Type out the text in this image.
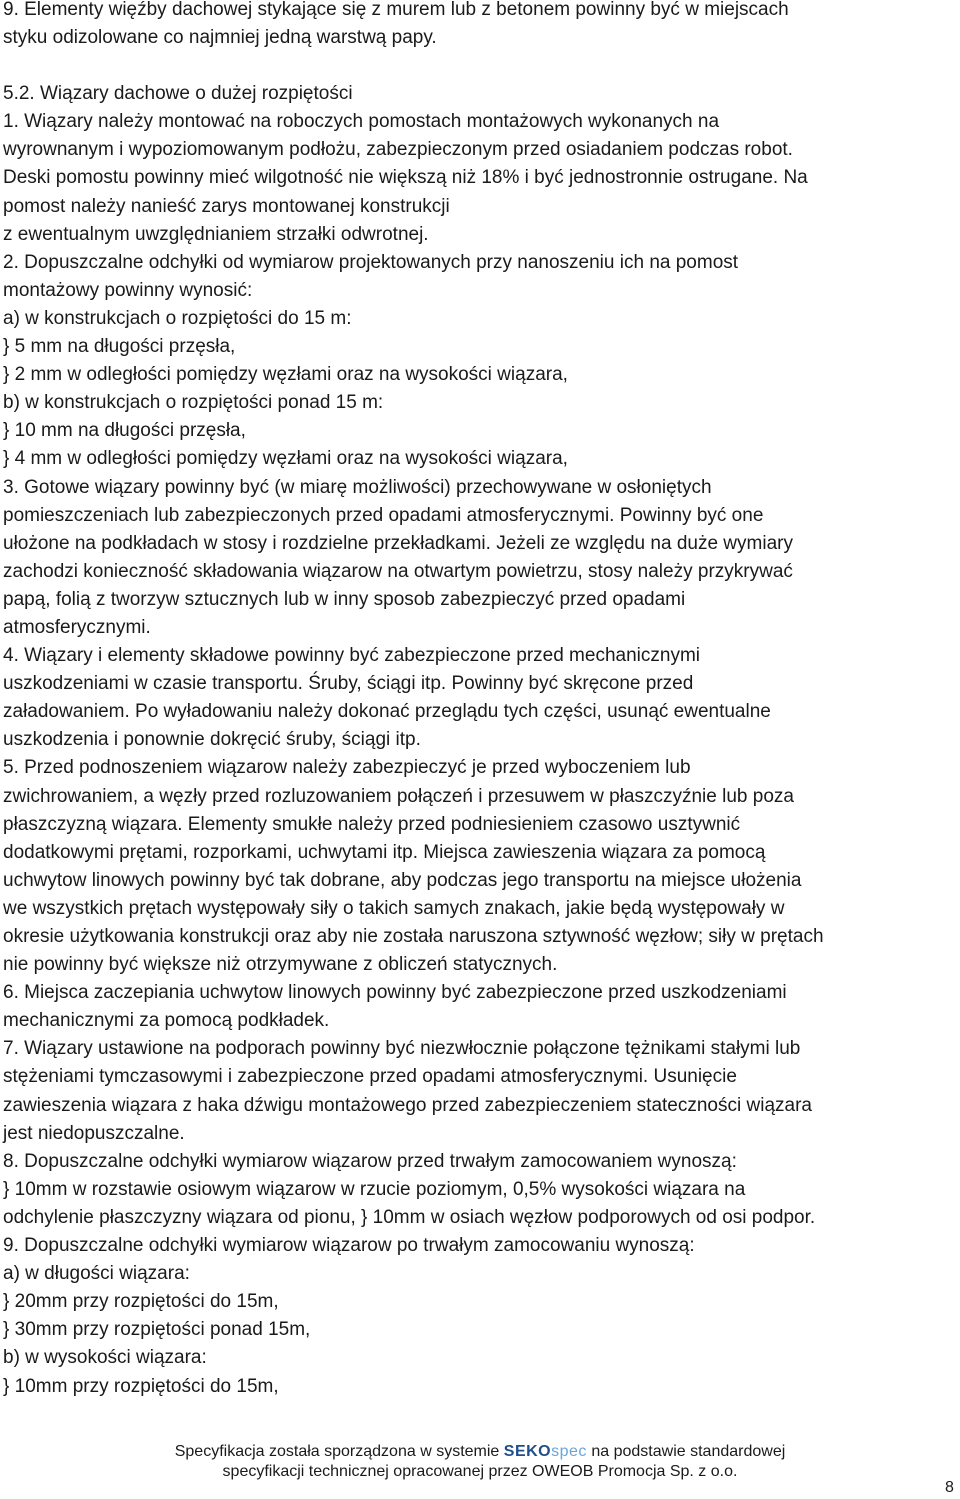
9. Elementy więźby dachowej stykające się z murem lub z betonem powinny być w miejscach

styku odizolowane co najmniej jedną warstwą papy.

5.2. Wiązary dachowe o dużej rozpiętości

1. Wiązary należy montować na roboczych pomostach montażowych wykonanych na

wyrownanym i wypoziomowanym podłożu, zabezpieczonym przed osiadaniem podczas robot.

Deski pomostu powinny mieć wilgotność nie większą niż 18% i być jednostronnie ostrugane. Na

pomost należy nanieść zarys montowanej konstrukcji

z ewentualnym uwzględnianiem strzałki odwrotnej.

2. Dopuszczalne odchyłki od wymiarow projektowanych przy nanoszeniu ich na pomost

montażowy powinny wynosić:

a) w konstrukcjach o rozpiętości do 15 m:

} 5 mm na długości przęsła,

} 2 mm w odległości pomiędzy węzłami oraz na wysokości wiązara,

b) w konstrukcjach o rozpiętości ponad 15 m:

} 10 mm na długości przęsła,

} 4 mm w odległości pomiędzy węzłami oraz na wysokości wiązara,

3. Gotowe wiązary powinny być (w miarę możliwości) przechowywane w osłoniętych

pomieszczeniach lub zabezpieczonych przed opadami atmosferycznymi. Powinny być one

ułożone na podkładach w stosy i rozdzielne przekładkami. Jeżeli ze względu na duże wymiary

zachodzi konieczność składowania wiązarow na otwartym powietrzu, stosy należy przykrywać

papą, folią z tworzyw sztucznych lub w inny sposob zabezpieczyć przed opadami

atmosferycznymi.

4. Wiązary i elementy składowe powinny być zabezpieczone przed mechanicznymi

uszkodzeniami w czasie transportu. Śruby, ściągi itp. Powinny być skręcone przed

załadowaniem. Po wyładowaniu należy dokonać przeglądu tych części, usunąć ewentualne

uszkodzenia i ponownie dokręcić śruby, ściągi itp.

5. Przed podnoszeniem wiązarow należy zabezpieczyć je przed wyboczeniem lub

zwichrowaniem, a węzły przed rozluzowaniem połączeń i przesuwem w płaszczyźnie lub poza

płaszczyzną wiązara. Elementy smukłe należy przed podniesieniem czasowo usztywnić

dodatkowymi prętami, rozporkami, uchwytami itp. Miejsca zawieszenia wiązara za pomocą

uchwytow linowych powinny być tak dobrane, aby podczas jego transportu na miejsce ułożenia

we wszystkich prętach występowały siły o takich samych znakach, jakie będą występowały w

okresie użytkowania konstrukcji oraz aby nie została naruszona sztywność węzłow; siły w prętach

nie powinny być większe niż otrzymywane z obliczeń statycznych.

6. Miejsca zaczepiania uchwytow linowych powinny być zabezpieczone przed uszkodzeniami

mechanicznymi za pomocą podkładek.

7. Wiązary ustawione na podporach powinny być niezwłocznie połączone tężnikami stałymi lub

stężeniami tymczasowymi i zabezpieczone przed opadami atmosferycznymi. Usunięcie

zawieszenia wiązara z haka dźwigu montażowego przed zabezpieczeniem stateczności wiązara

jest niedopuszczalne.

8. Dopuszczalne odchyłki wymiarow wiązarow przed trwałym zamocowaniem wynoszą:

} 10mm w rozstawie osiowym wiązarow w rzucie poziomym, 0,5% wysokości wiązara na

odchylenie płaszczyzny wiązara od pionu, } 10mm w osiach węzłow podporowych od osi podpor.

9. Dopuszczalne odchyłki wymiarow wiązarow po trwałym zamocowaniu wynoszą:

a) w długości wiązara:

} 20mm przy rozpiętości do 15m,

} 30mm przy rozpiętości ponad 15m,

b) w wysokości wiązara:

} 10mm przy rozpiętości do 15m,

Specyfikacja została sporządzona w systemie SEKOspec na podstawie standardowej

specyfikacji technicznej opracowanej przez OWEOB Promocja Sp. z o.o.

8
